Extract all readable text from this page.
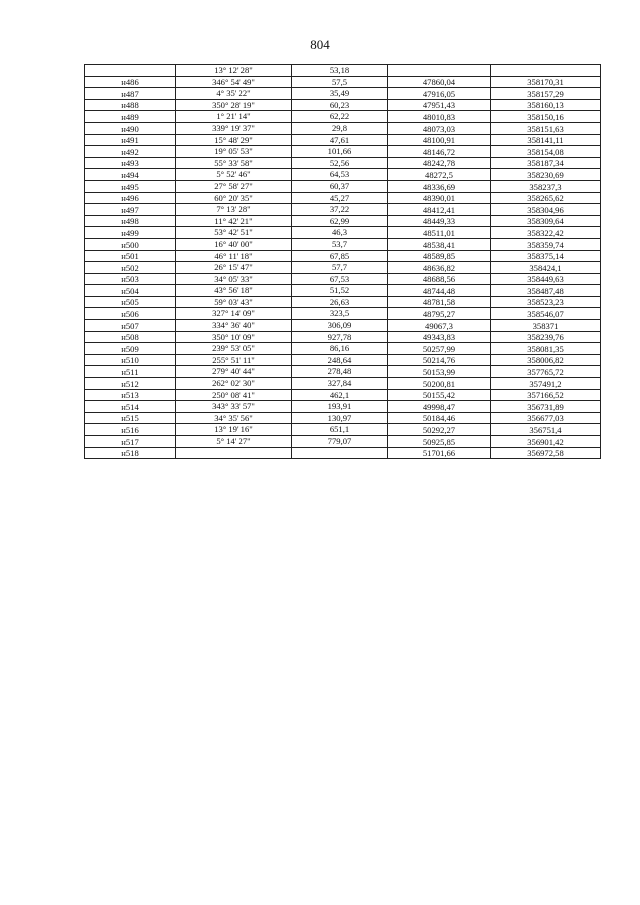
804
	13° 12' 28"	53,18		
н486	346° 54' 49"	57,5	47860,04	358170,31
н487	4° 35' 22"	35,49	47916,05	358157,29
н488	350° 28' 19"	60,23	47951,43	358160,13
н489	1° 21' 14"	62,22	48010,83	358150,16
н490	339° 19' 37"	29,8	48073,03	358151,63
н491	15° 48' 29"	47,61	48100,91	358141,11
н492	19° 05' 53"	101,66	48146,72	358154,08
н493	55° 33' 58"	52,56	48242,78	358187,34
н494	5° 52' 46"	64,53	48272,5	358230,69
н495	27° 58' 27"	60,37	48336,69	358237,3
н496	60° 20' 35"	45,27	48390,01	358265,62
н497	7° 13' 28"	37,22	48412,41	358304,96
н498	11° 42' 21"	62,99	48449,33	358309,64
н499	53° 42' 51"	46,3	48511,01	358322,42
н500	16° 40' 00"	53,7	48538,41	358359,74
н501	46° 11' 18"	67,85	48589,85	358375,14
н502	26° 15' 47"	57,7	48636,82	358424,1
н503	34° 05' 33"	67,53	48688,56	358449,63
н504	43° 56' 18"	51,52	48744,48	358487,48
н505	59° 03' 43"	26,63	48781,58	358523,23
н506	327° 14' 09"	323,5	48795,27	358546,07
н507	334° 36' 40"	306,09	49067,3	358371
н508	350° 10' 09"	927,78	49343,83	358239,76
н509	239° 53' 05"	86,16	50257,99	358081,35
н510	255° 51' 11"	248,64	50214,76	358006,82
н511	279° 40' 44"	278,48	50153,99	357765,72
н512	262° 02' 30"	327,84	50200,81	357491,2
н513	250° 08' 41"	462,1	50155,42	357166,52
н514	343° 33' 57"	193,91	49998,47	356731,89
н515	34° 35' 56"	130,97	50184,46	356677,03
н516	13° 19' 16"	651,1	50292,27	356751,4
н517	5° 14' 27"	779,07	50925,85	356901,42
н518			51701,66	356972,58
